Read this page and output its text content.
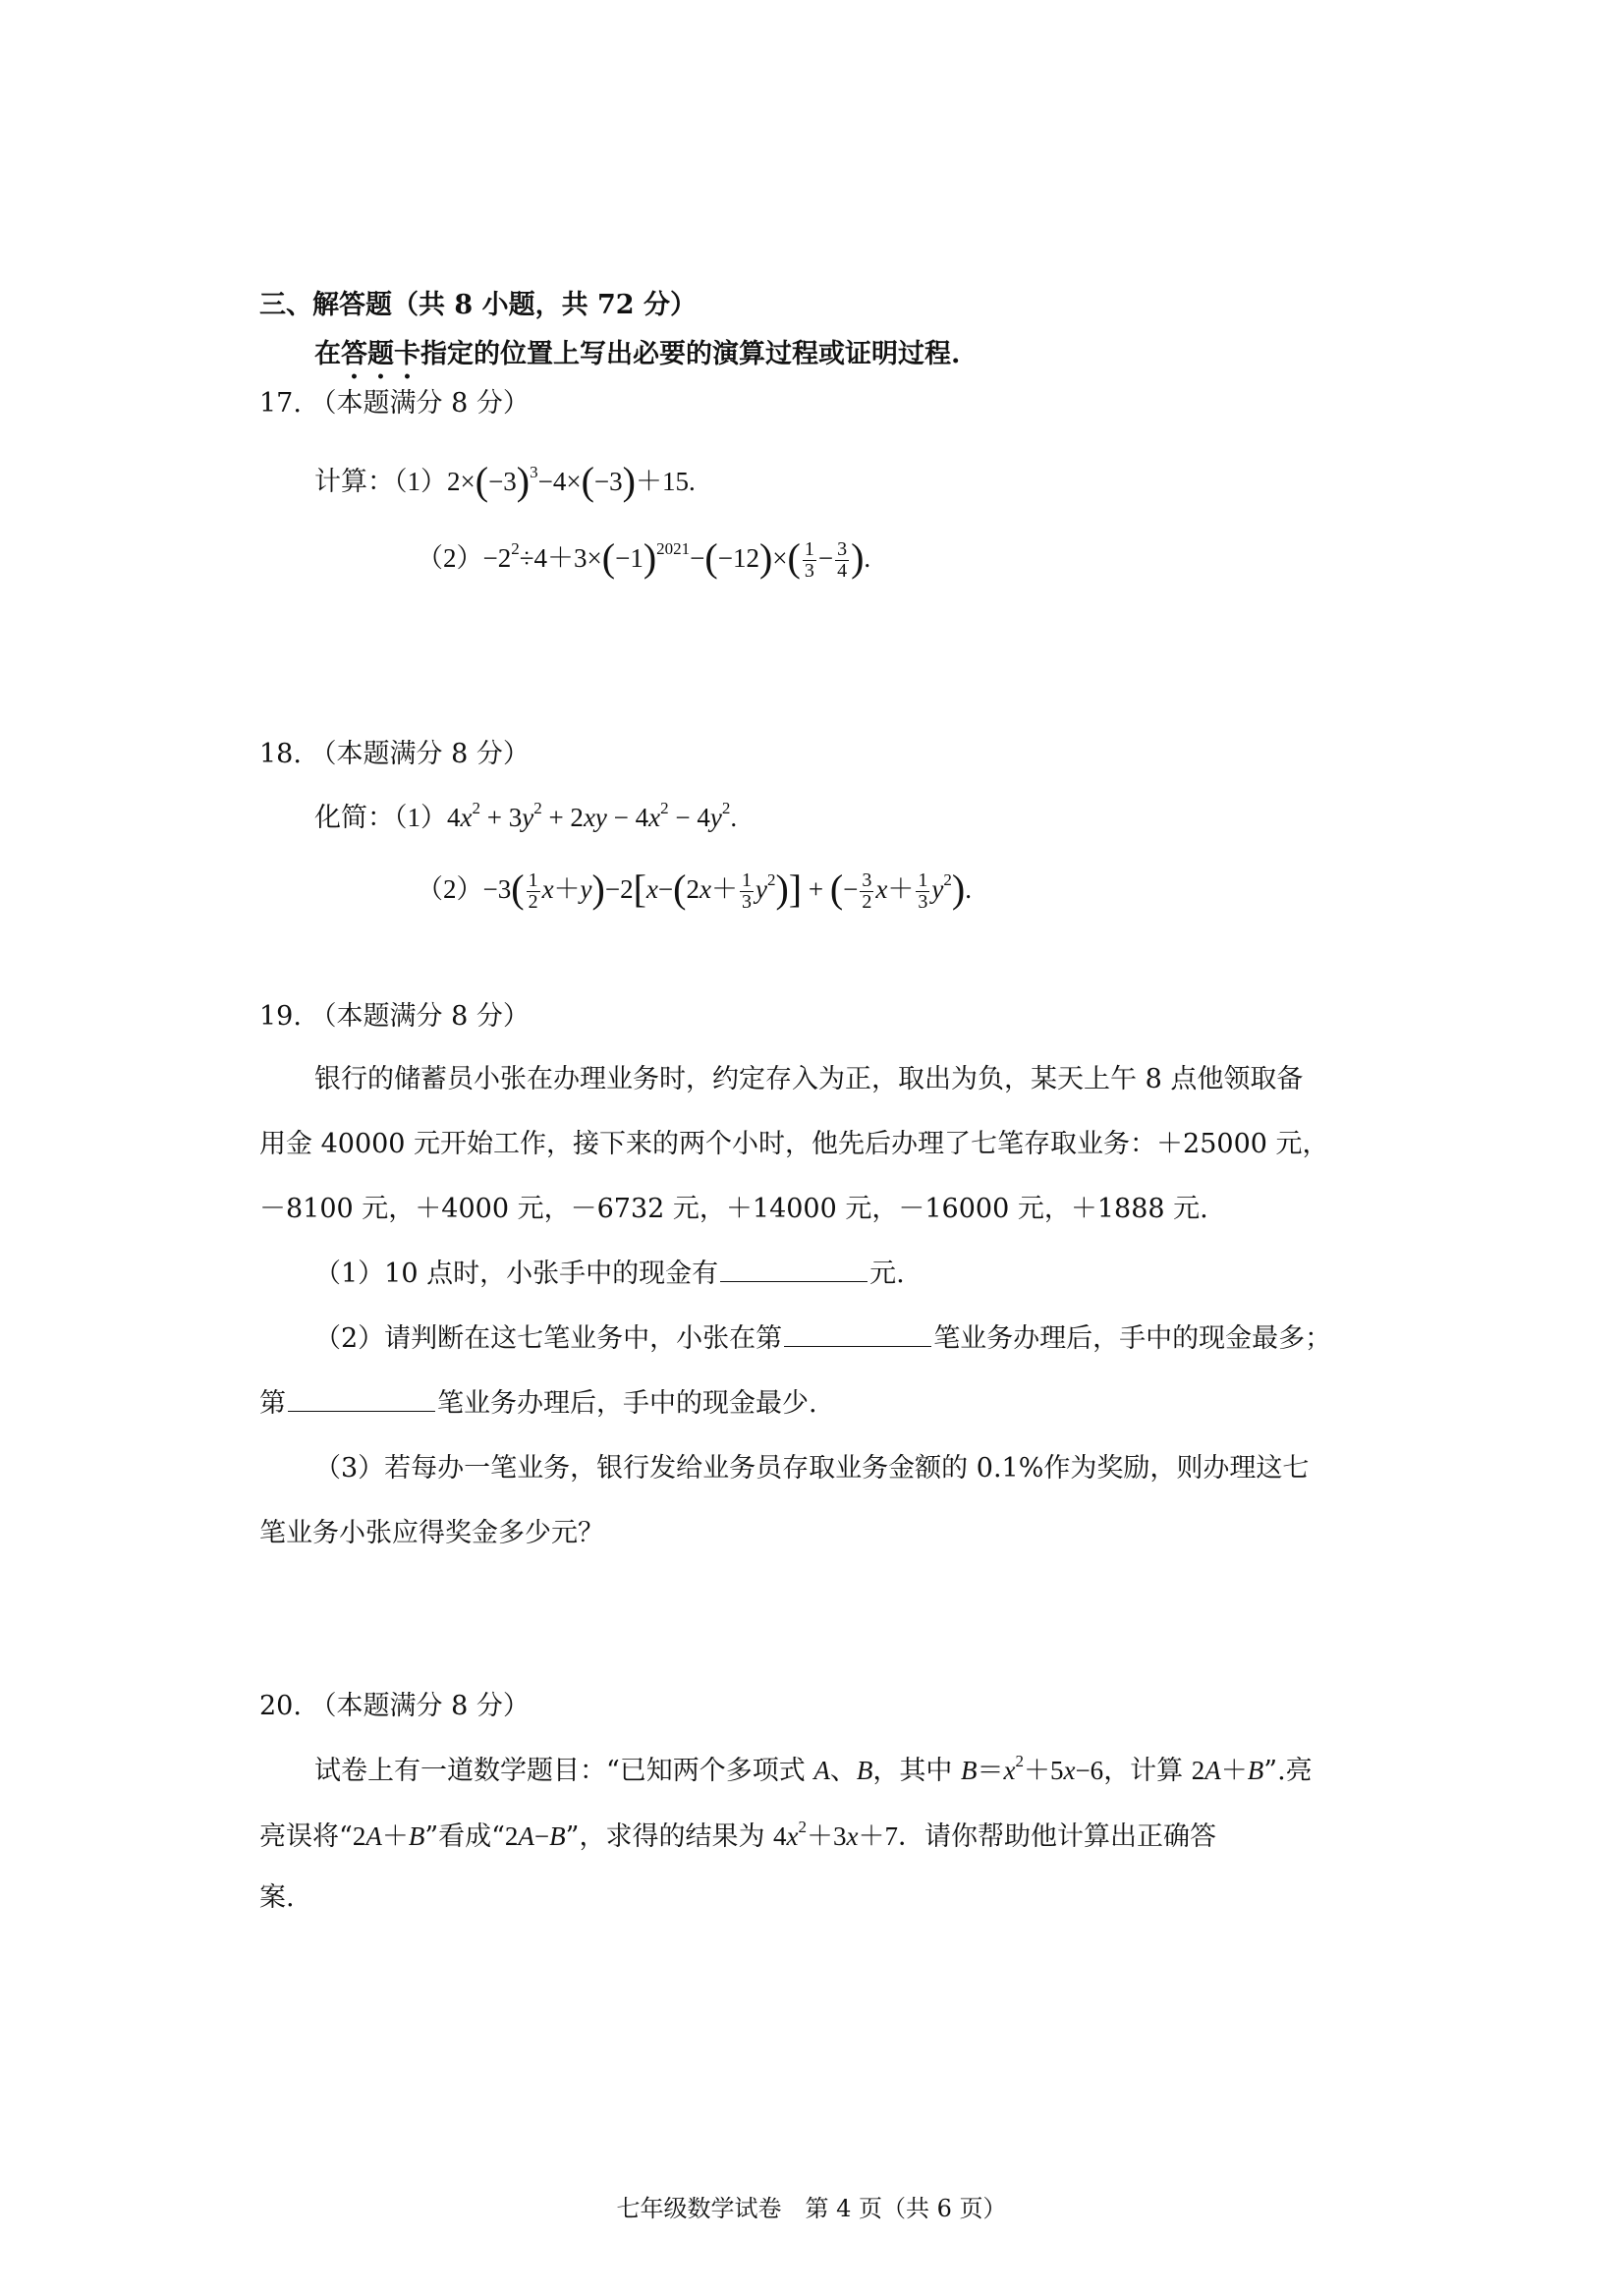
三、解答题（共 8 小题，共 72 分）
在答题卡指定的位置上写出必要的演算过程或证明过程.
17. （本题满分 8 分）
计算：$(1)2\times(-3)^3-4\times(-3)+15$.
$(2)-2^2\div 4+3\times(-1)^{2021}-(-12)\times( \frac{1}{3} - \frac{3}{4}$ ).
18. （本题满分 8 分）
化简：$(1)4x^2 + 3y^2 + 2xy - 4x^2 - 4y^2$.
$(2)-3( \frac{1}{2} x+y)-2[x-(2x+ \frac{1}{3} y^2)]$ + (− $\frac{3}{2} x+ \frac{1}{3} y^2$).
19. （本题满分 8 分）
银行的储蓄员小张在办理业务时，约定存入为正，取出为负，某天上午 8 点他领取备
用金 40000 元开始工作，接下来的两个小时，他先后办理了七笔存取业务：＋25000 元，
－8100 元，＋4000 元，－6732 元，＋14000 元，－16000 元，＋1888 元.
（1）10 点时，小张手中的现金有	元.
（2）请判断在这七笔业务中，小张在第	笔业务办理后，手中的现金最多；
第	笔业务办理后，手中的现金最少.
（3）若每办一笔业务，银行发给业务员存取业务金额的 0.1%作为奖励，则办理这七
笔业务小张应得奖金多少元？
20. （本题满分 8 分）
试卷上有一道数学题目：“已知两个多项式 A、B，其中 $B=x^2+5x-6$，计算 2A＋B”.亮
亮误将“2A＋B”看成“2A−B”，求得的结果为 $4x^2+3x+7$．请你帮助他计算出正确答
案.
七年级数学试卷　第 4 页（共 6 页）
